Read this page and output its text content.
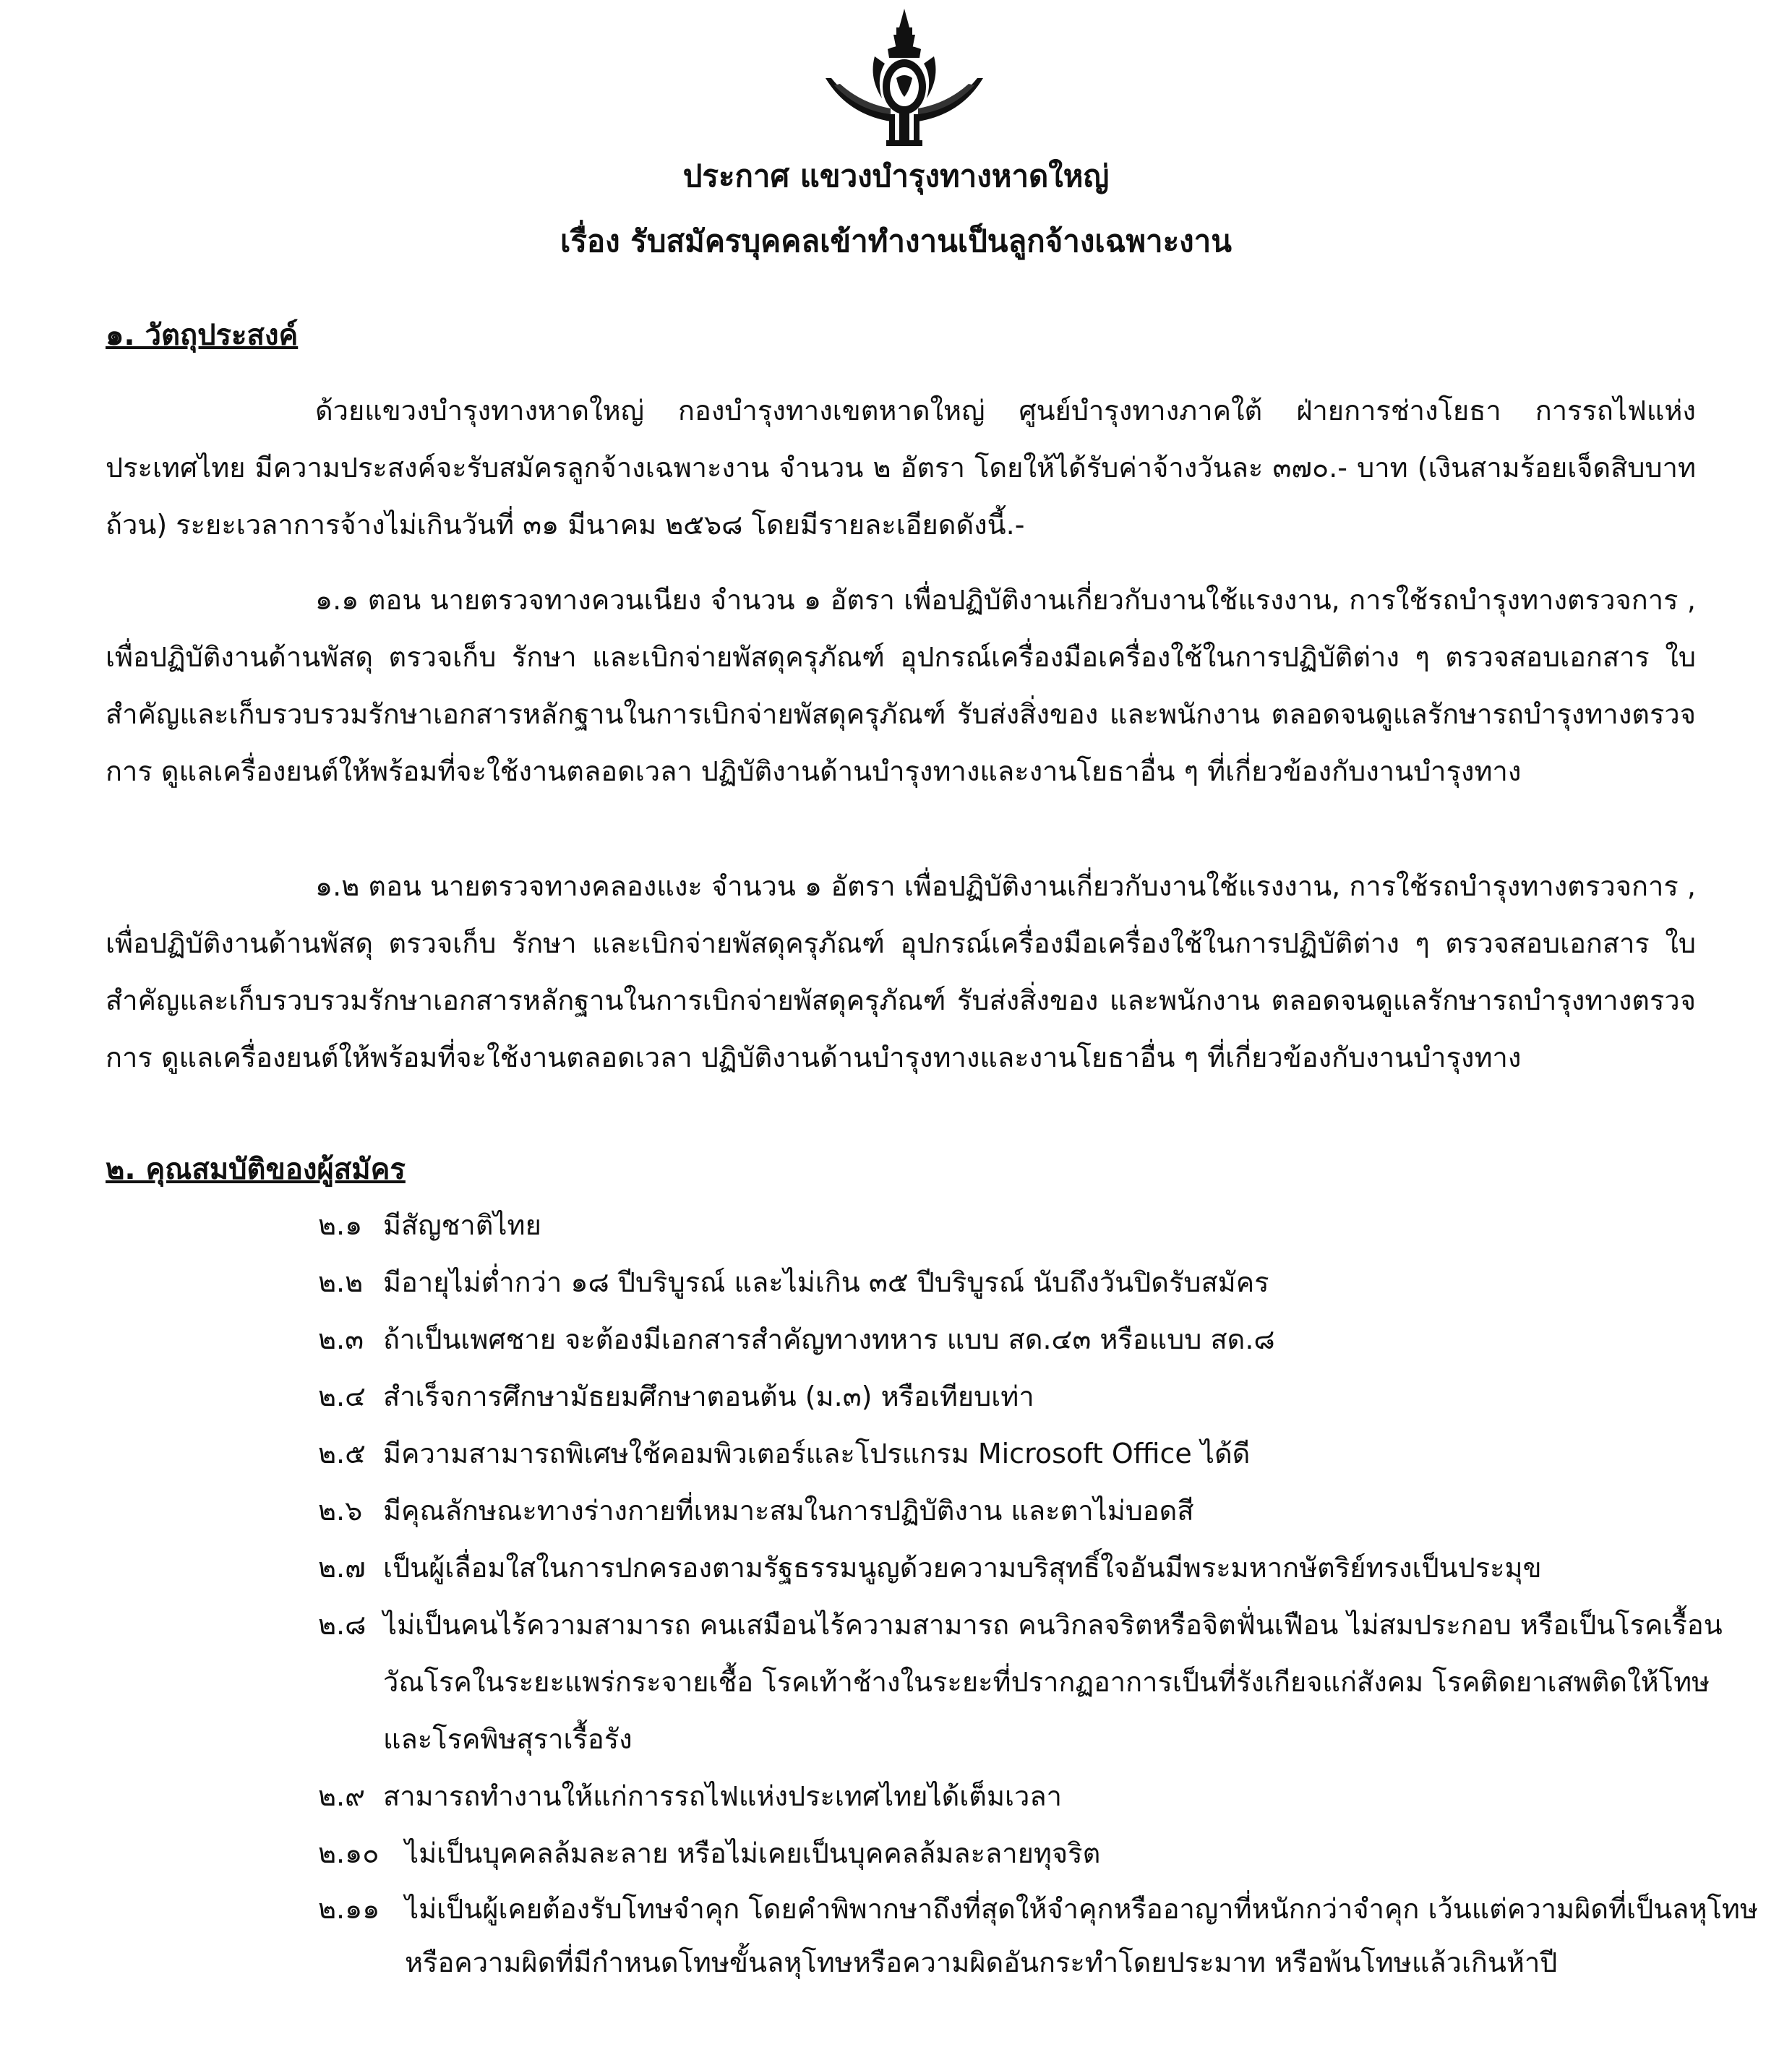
ประกาศ แขวงบำรุงทางหาดใหญ่
เรื่อง รับสมัครบุคคลเข้าทำงานเป็นลูกจ้างเฉพาะงาน
๑. วัตถุประสงค์
ด้วยแขวงบำรุงทางหาดใหญ่ กองบำรุงทางเขตหาดใหญ่ ศูนย์บำรุงทางภาคใต้ ฝ่ายการช่างโยธา การรถไฟแห่งประเทศไทย มีความประสงค์จะรับสมัครลูกจ้างเฉพาะงาน จำนวน ๒ อัตรา โดยให้ได้รับค่าจ้างวันละ ๓๗๐.- บาท (เงินสามร้อยเจ็ดสิบบาทถ้วน) ระยะเวลาการจ้างไม่เกินวันที่ ๓๑ มีนาคม ๒๕๖๘ โดยมีรายละเอียดดังนี้.-
๑.๑ ตอน นายตรวจทางควนเนียง จำนวน ๑ อัตรา เพื่อปฏิบัติงานเกี่ยวกับงานใช้แรงงาน, การใช้รถบำรุงทางตรวจการ , เพื่อปฏิบัติงานด้านพัสดุ ตรวจเก็บ รักษา และเบิกจ่ายพัสดุครุภัณฑ์ อุปกรณ์เครื่องมือเครื่องใช้ในการปฏิบัติต่าง ๆ ตรวจสอบเอกสาร ใบสำคัญและเก็บรวบรวมรักษาเอกสารหลักฐานในการเบิกจ่ายพัสดุครุภัณฑ์ รับส่งสิ่งของ และพนักงาน ตลอดจนดูแลรักษารถบำรุงทางตรวจการ ดูแลเครื่องยนต์ให้พร้อมที่จะใช้งานตลอดเวลา ปฏิบัติงานด้านบำรุงทางและงานโยธาอื่น ๆ ที่เกี่ยวข้องกับงานบำรุงทาง
๑.๒ ตอน นายตรวจทางคลองแงะ จำนวน ๑ อัตรา เพื่อปฏิบัติงานเกี่ยวกับงานใช้แรงงาน, การใช้รถบำรุงทางตรวจการ , เพื่อปฏิบัติงานด้านพัสดุ ตรวจเก็บ รักษา และเบิกจ่ายพัสดุครุภัณฑ์ อุปกรณ์เครื่องมือเครื่องใช้ในการปฏิบัติต่าง ๆ ตรวจสอบเอกสาร ใบสำคัญและเก็บรวบรวมรักษาเอกสารหลักฐานในการเบิกจ่ายพัสดุครุภัณฑ์ รับส่งสิ่งของ และพนักงาน ตลอดจนดูแลรักษารถบำรุงทางตรวจการ ดูแลเครื่องยนต์ให้พร้อมที่จะใช้งานตลอดเวลา ปฏิบัติงานด้านบำรุงทางและงานโยธาอื่น ๆ ที่เกี่ยวข้องกับงานบำรุงทาง
๒. คุณสมบัติของผู้สมัคร
๒.๑ มีสัญชาติไทย
๒.๒ มีอายุไม่ต่ำกว่า ๑๘ ปีบริบูรณ์ และไม่เกิน ๓๕ ปีบริบูรณ์ นับถึงวันปิดรับสมัคร
๒.๓ ถ้าเป็นเพศชาย จะต้องมีเอกสารสำคัญทางทหาร แบบ สด.๔๓ หรือแบบ สด.๘
๒.๔ สำเร็จการศึกษามัธยมศึกษาตอนต้น (ม.๓) หรือเทียบเท่า
๒.๕ มีความสามารถพิเศษใช้คอมพิวเตอร์และโปรแกรม Microsoft Office ได้ดี
๒.๖ มีคุณลักษณะทางร่างกายที่เหมาะสมในการปฏิบัติงาน และตาไม่บอดสี
๒.๗ เป็นผู้เลื่อมใสในการปกครองตามรัฐธรรมนูญด้วยความบริสุทธิ์ใจอันมีพระมหากษัตริย์ทรงเป็นประมุข
๒.๘ ไม่เป็นคนไร้ความสามารถ คนเสมือนไร้ความสามารถ คนวิกลจริตหรือจิตฟั่นเฟือน ไม่สมประกอบ หรือเป็นโรคเรื้อน วัณโรคในระยะแพร่กระจายเชื้อ โรคเท้าช้างในระยะที่ปรากฏอาการเป็นที่รังเกียจแก่สังคม โรคติดยาเสพติดให้โทษ และโรคพิษสุราเรื้อรัง
๒.๙ สามารถทำงานให้แก่การรถไฟแห่งประเทศไทยได้เต็มเวลา
๒.๑๐ ไม่เป็นบุคคลล้มละลาย หรือไม่เคยเป็นบุคคลล้มละลายทุจริต
๒.๑๑ ไม่เป็นผู้เคยต้องรับโทษจำคุก โดยคำพิพากษาถึงที่สุดให้จำคุกหรืออาญาที่หนักกว่าจำคุก เว้นแต่ความผิดที่เป็นลหุโทษ หรือความผิดที่มีกำหนดโทษขั้นลหุโทษหรือความผิดอันกระทำโดยประมาท หรือพ้นโทษแล้วเกินห้าปี
